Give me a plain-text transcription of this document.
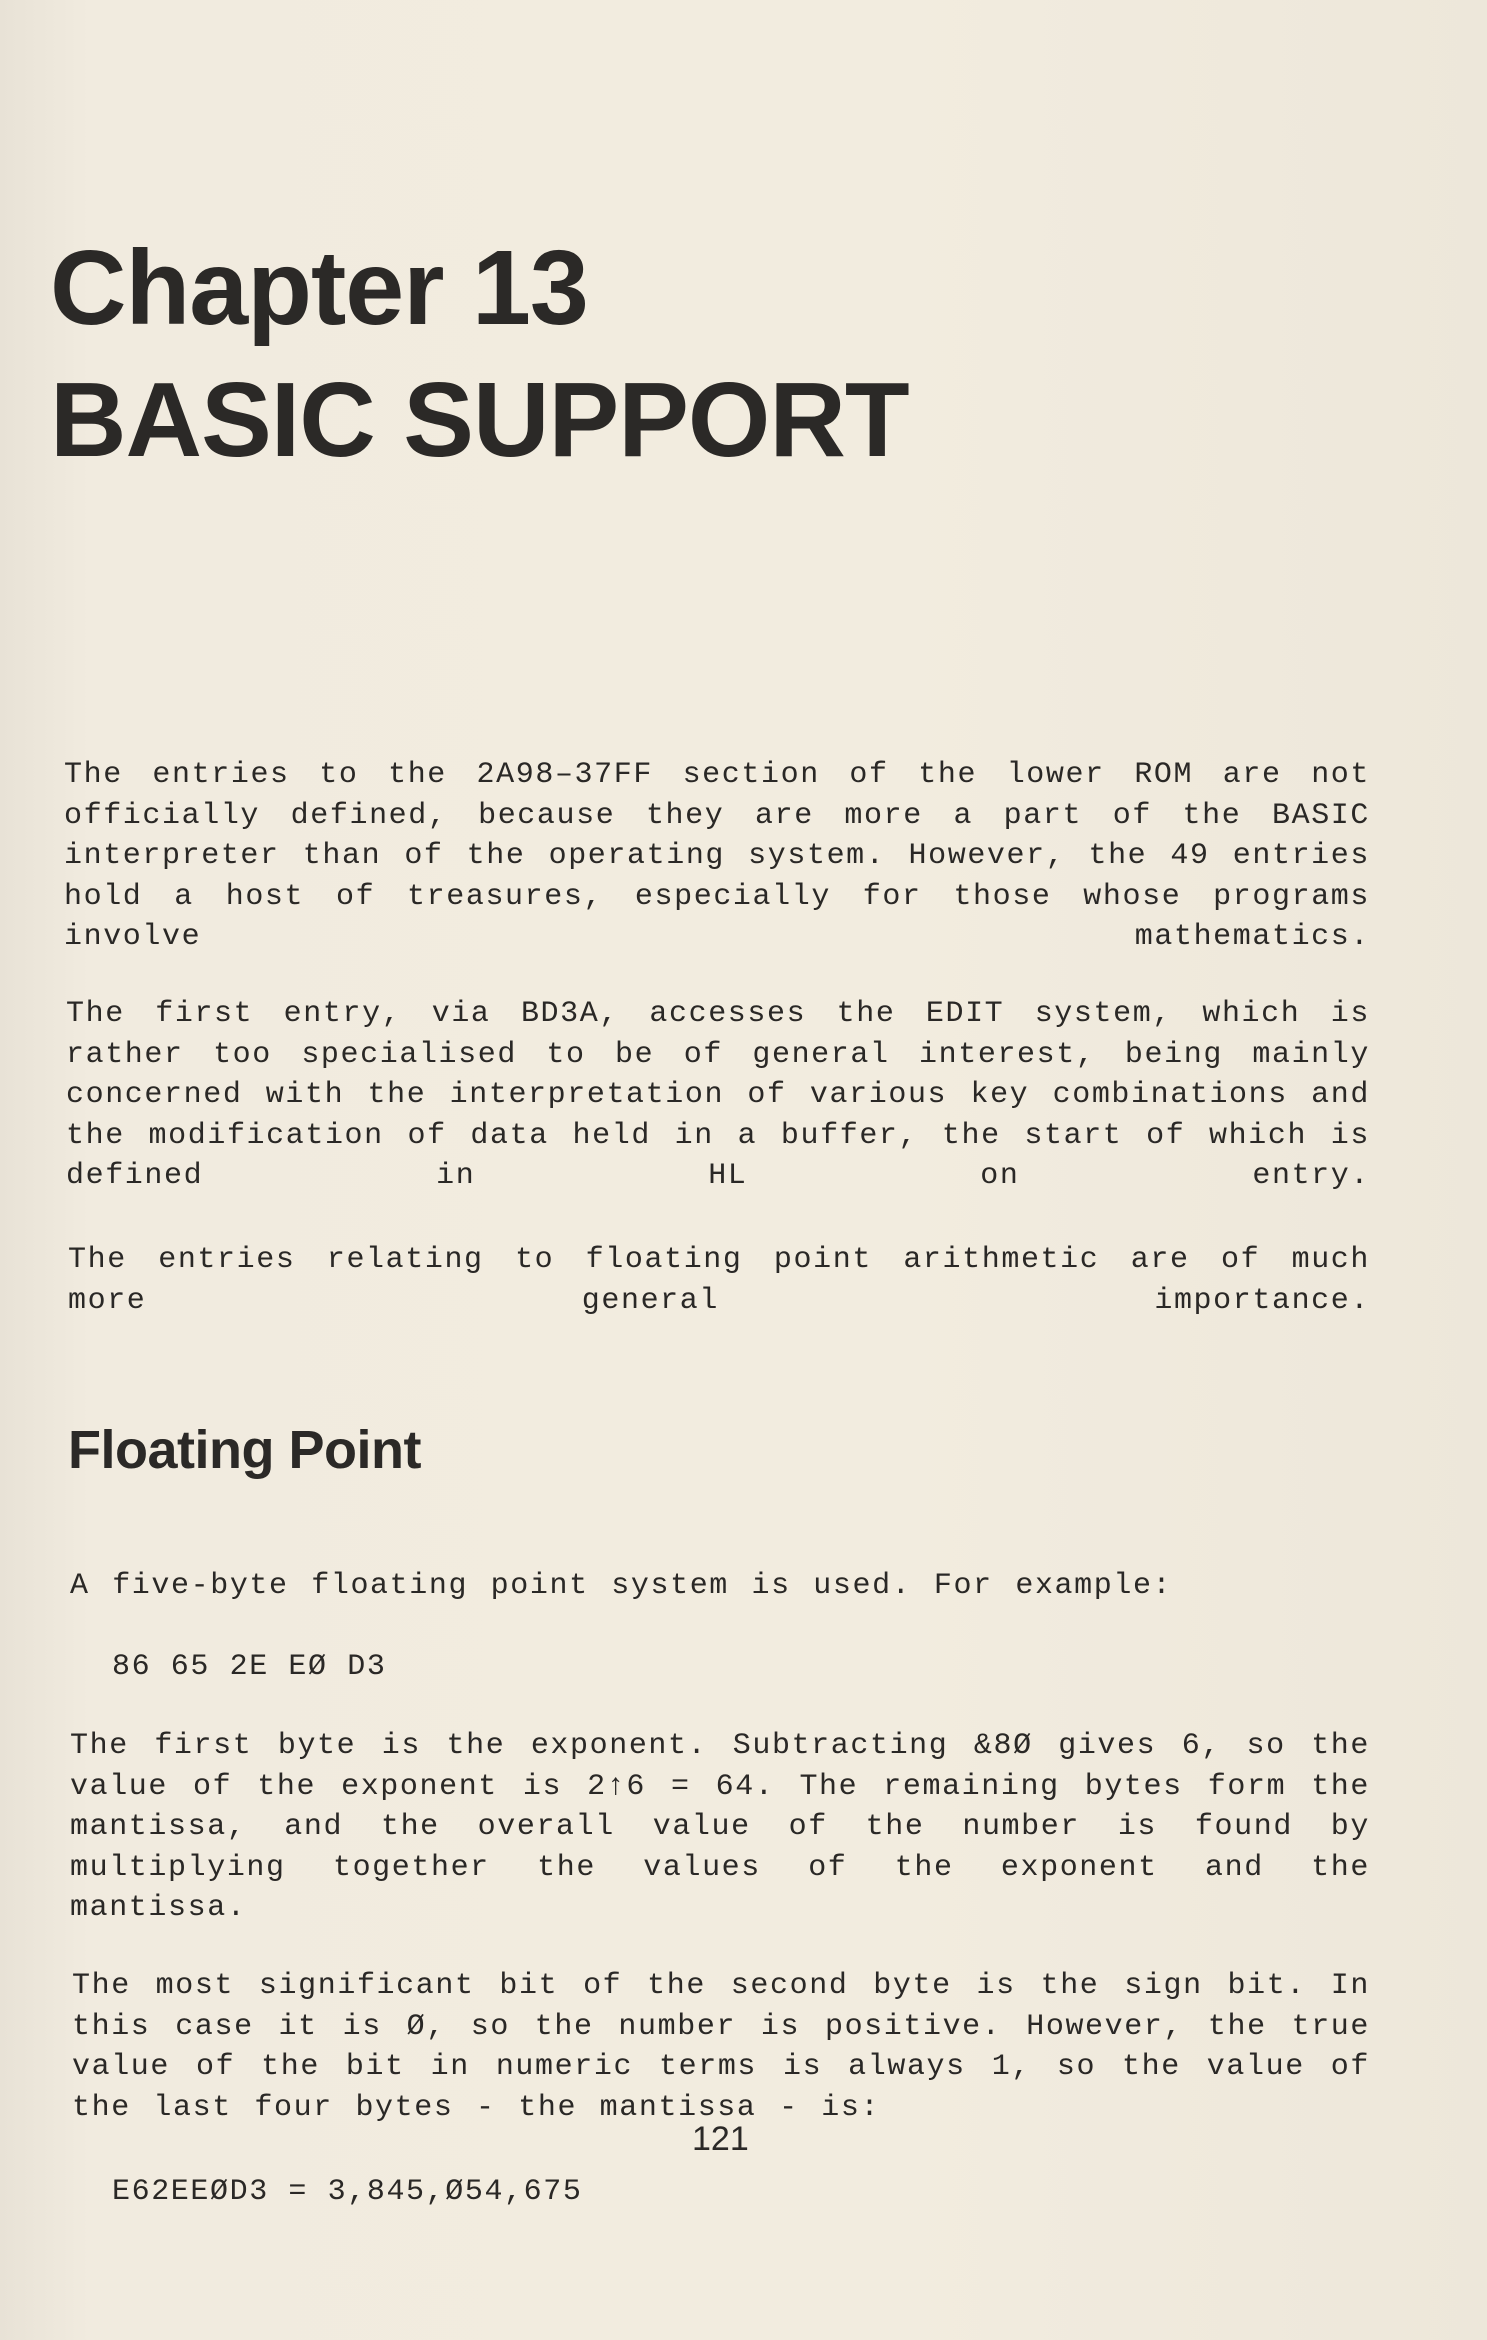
Chapter 13
BASIC SUPPORT

The entries to the 2A98–37FF section of the lower ROM are not officially defined, because they are more a part of the BASIC interpreter than of the operating system. However, the 49 entries hold a host of treasures, especially for those whose programs involve mathematics.

The first entry, via BD3A, accesses the EDIT system, which is rather too specialised to be of general interest, being mainly concerned with the interpretation of various key combinations and the modification of data held in a buffer, the start of which is defined in HL on entry.

The entries relating to floating point arithmetic are of much more general importance.

Floating Point

A five-byte floating point system is used. For example:

86 65 2E EØ D3

The first byte is the exponent. Subtracting &8Ø gives 6, so the value of the exponent is 2↑6 = 64. The remaining bytes form the mantissa, and the overall value of the number is found by multiplying together the values of the exponent and the mantissa.

The most significant bit of the second byte is the sign bit. In this case it is Ø, so the number is positive. However, the true value of the bit in numeric terms is always 1, so the value of the last four bytes - the mantissa - is:

E62EEØD3 = 3,845,Ø54,675

121
